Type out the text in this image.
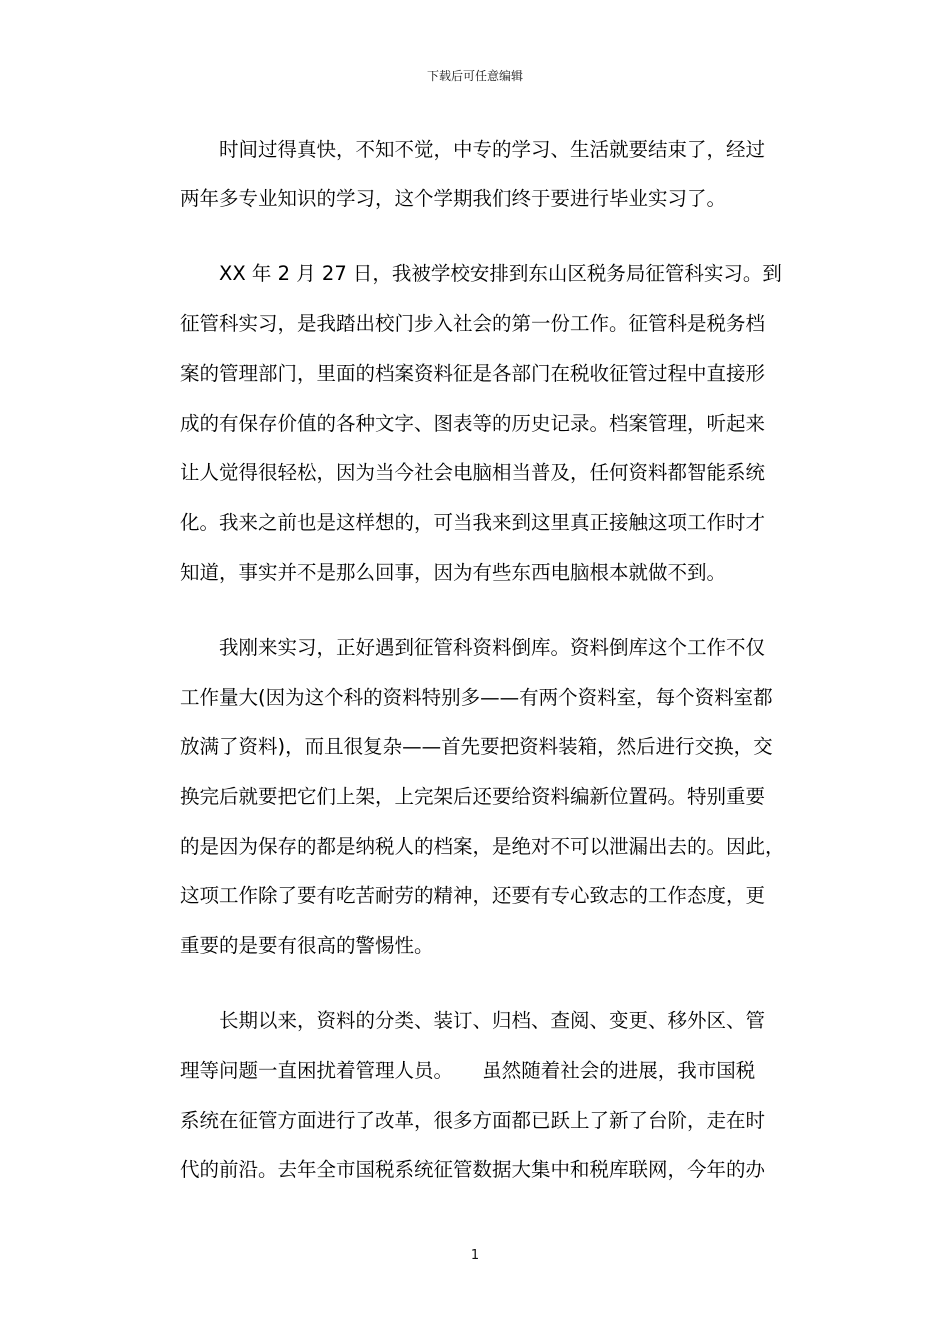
下载后可任意编辑
时间过得真快，不知不觉，中专的学习、生活就要结束了，经过
两年多专业知识的学习，这个学期我们终于要进行毕业实习了。
XX 年 2 月 27 日，我被学校安排到东山区税务局征管科实习。到
征管科实习，是我踏出校门步入社会的第一份工作。征管科是税务档
案的管理部门，里面的档案资料征是各部门在税收征管过程中直接形
成的有保存价值的各种文字、图表等的历史记录。档案管理，听起来
让人觉得很轻松，因为当今社会电脑相当普及，任何资料都智能系统
化。我来之前也是这样想的，可当我来到这里真正接触这项工作时才
知道，事实并不是那么回事，因为有些东西电脑根本就做不到。
我刚来实习，正好遇到征管科资料倒库。资料倒库这个工作不仅
工作量大(因为这个科的资料特别多——有两个资料室，每个资料室都
放满了资料)，而且很复杂——首先要把资料装箱，然后进行交换，交
换完后就要把它们上架，上完架后还要给资料编新位置码。特别重要
的是因为保存的都是纳税人的档案，是绝对不可以泄漏出去的。因此，
这项工作除了要有吃苦耐劳的精神，还要有专心致志的工作态度，更
重要的是要有很高的警惕性。
长期以来，资料的分类、装订、归档、查阅、变更、移外区、管
理等问题一直困扰着管理人员。　　虽然随着社会的进展，我市国税
系统在征管方面进行了改革，很多方面都已跃上了新了台阶，走在时
代的前沿。去年全市国税系统征管数据大集中和税库联网，今年的办
1
